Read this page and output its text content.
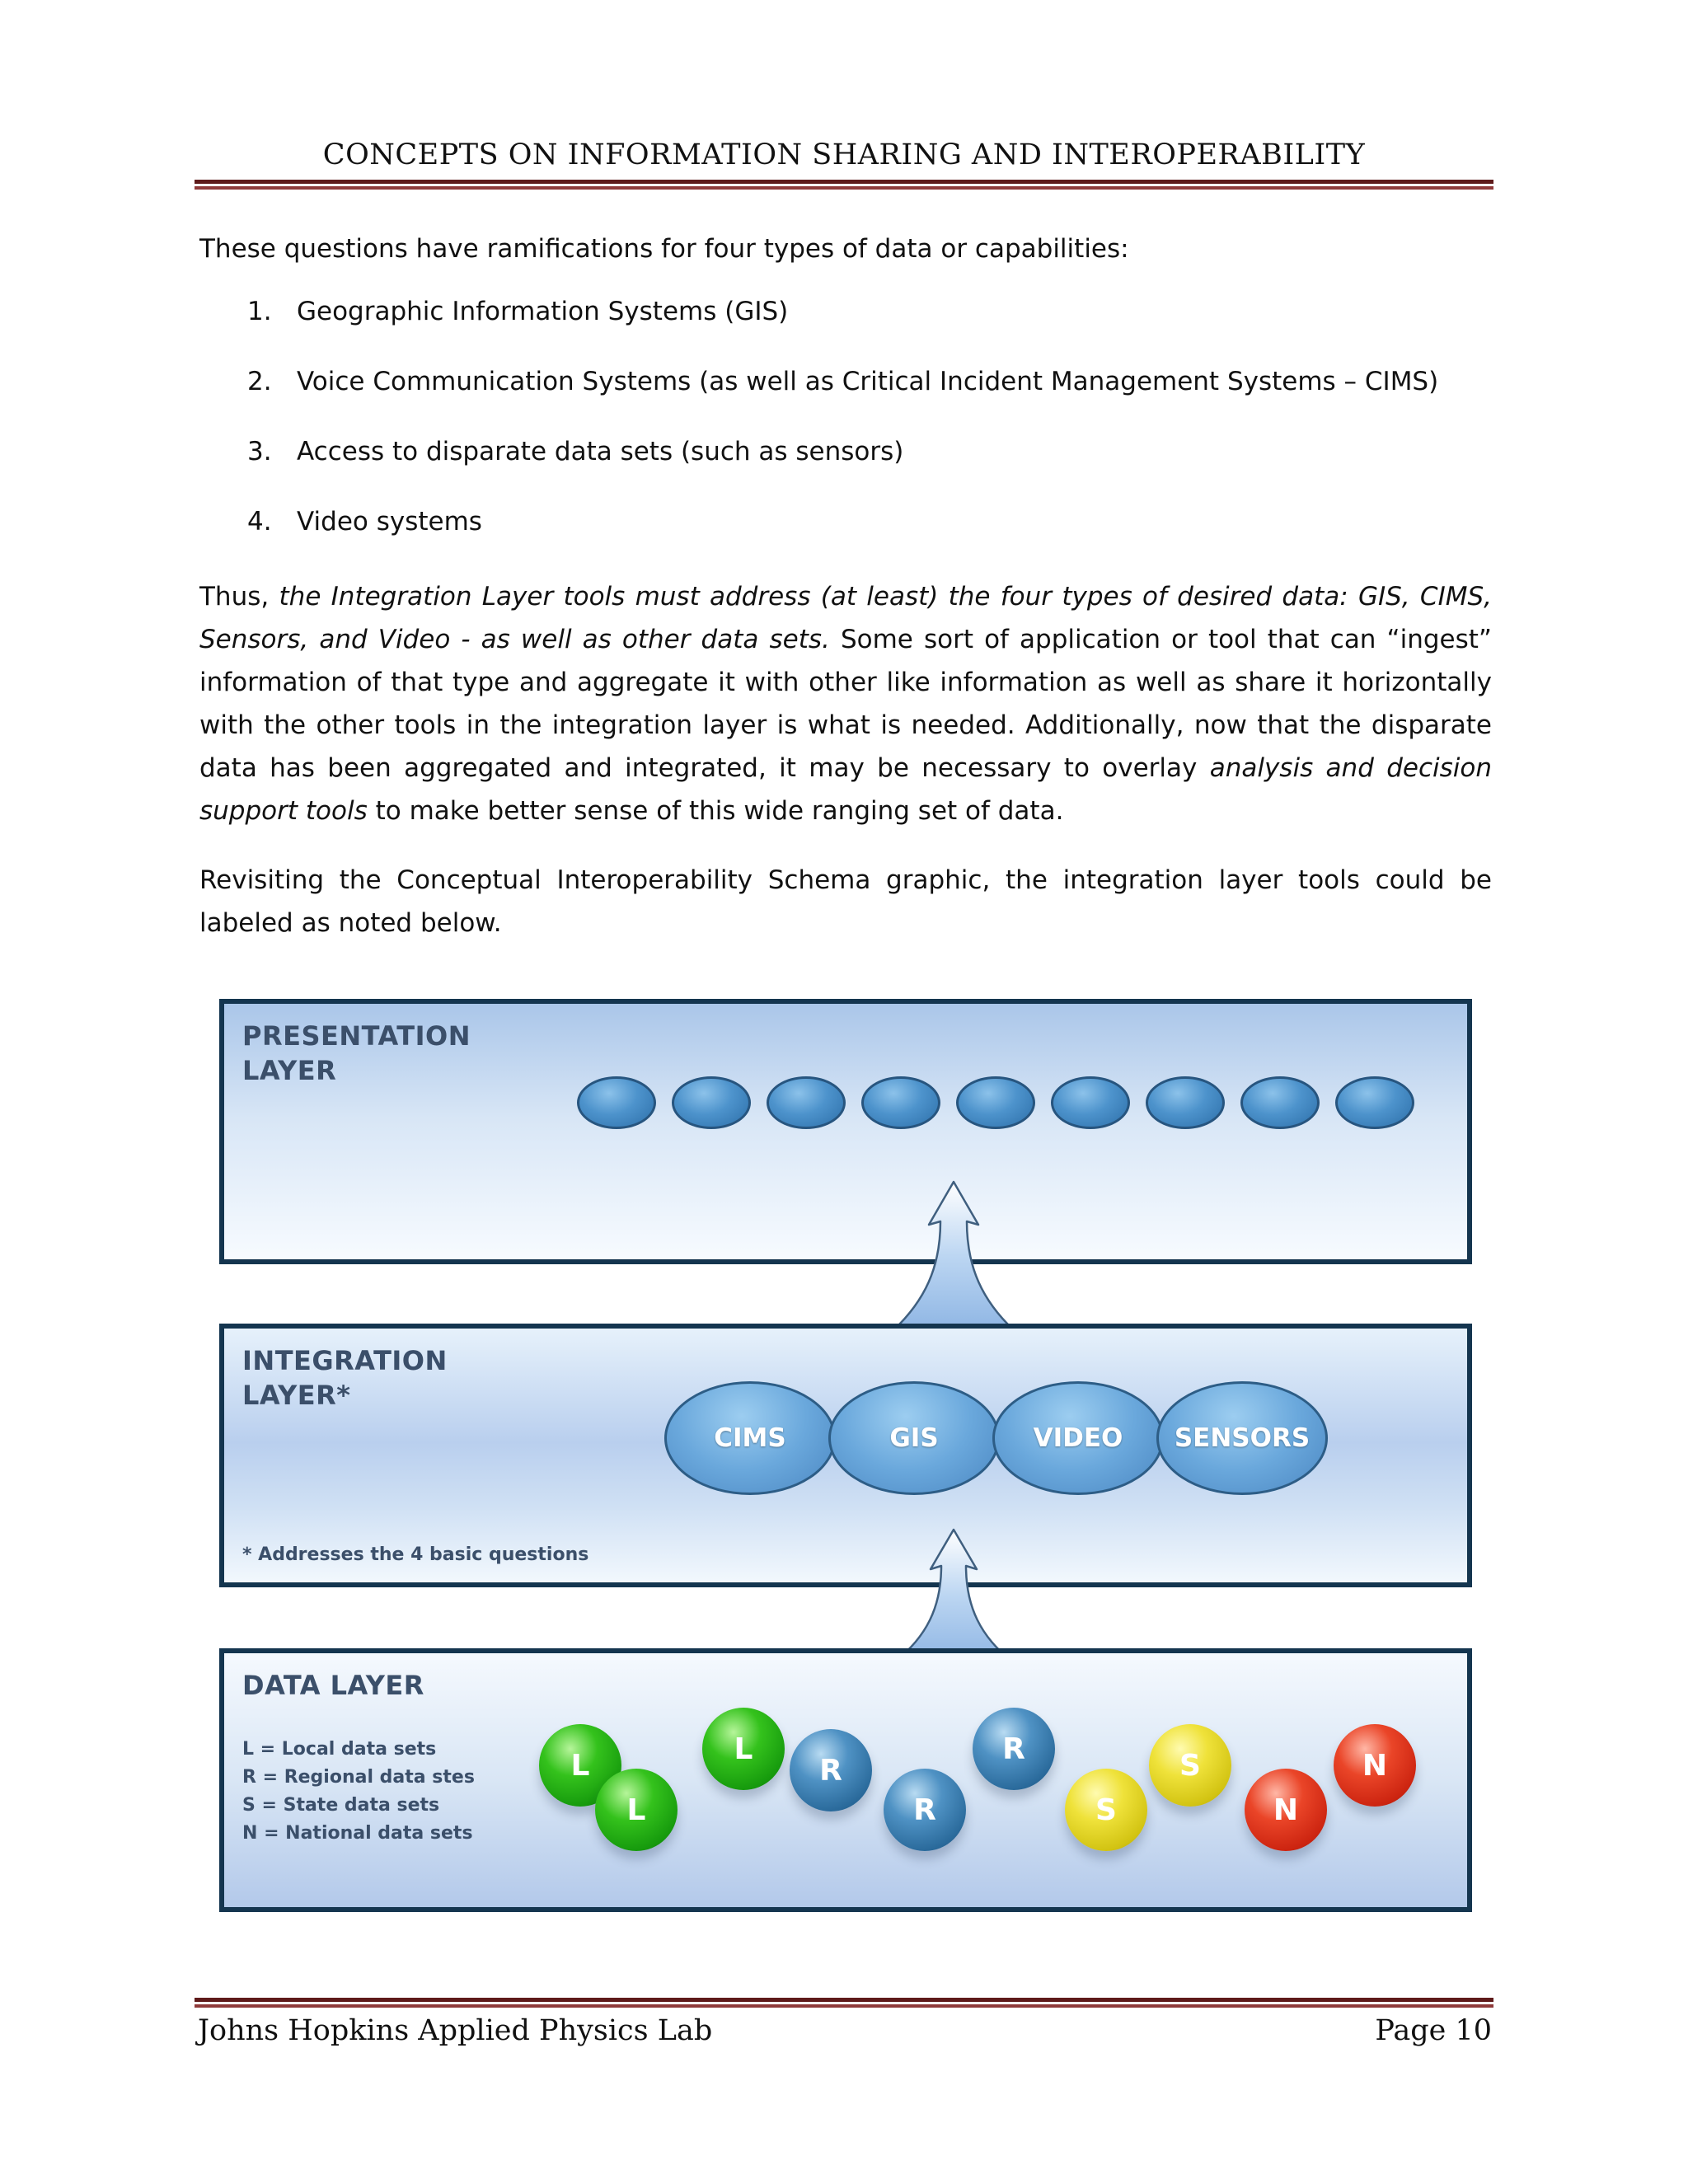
CONCEPTS ON INFORMATION SHARING AND INTEROPERABILITY
These questions have ramifications for four types of data or capabilities:
1. Geographic Information Systems (GIS)
2. Voice Communication Systems (as well as Critical Incident Management Systems – CIMS)
3. Access to disparate data sets (such as sensors)
4. Video systems
Thus, the Integration Layer tools must address (at least) the four types of desired data: GIS, CIMS, Sensors, and Video - as well as other data sets. Some sort of application or tool that can “ingest” information of that type and aggregate it with other like information as well as share it horizontally with the other tools in the integration layer is what is needed. Additionally, now that the disparate data has been aggregated and integrated, it may be necessary to overlay analysis and decision support tools to make better sense of this wide ranging set of data.
Revisiting the Conceptual Interoperability Schema graphic, the integration layer tools could be labeled as noted below.
PRESENTATION
LAYER
INTEGRATION
LAYER*
CIMS	GIS	VIDEO	SENSORS
* Addresses the 4 basic questions
DATA LAYER
L = Local data sets
R = Regional data stes
S = State data sets
N = National data sets
L
L
L
R
R
R
S
S
N
N
Johns Hopkins Applied Physics Lab	Page 10
